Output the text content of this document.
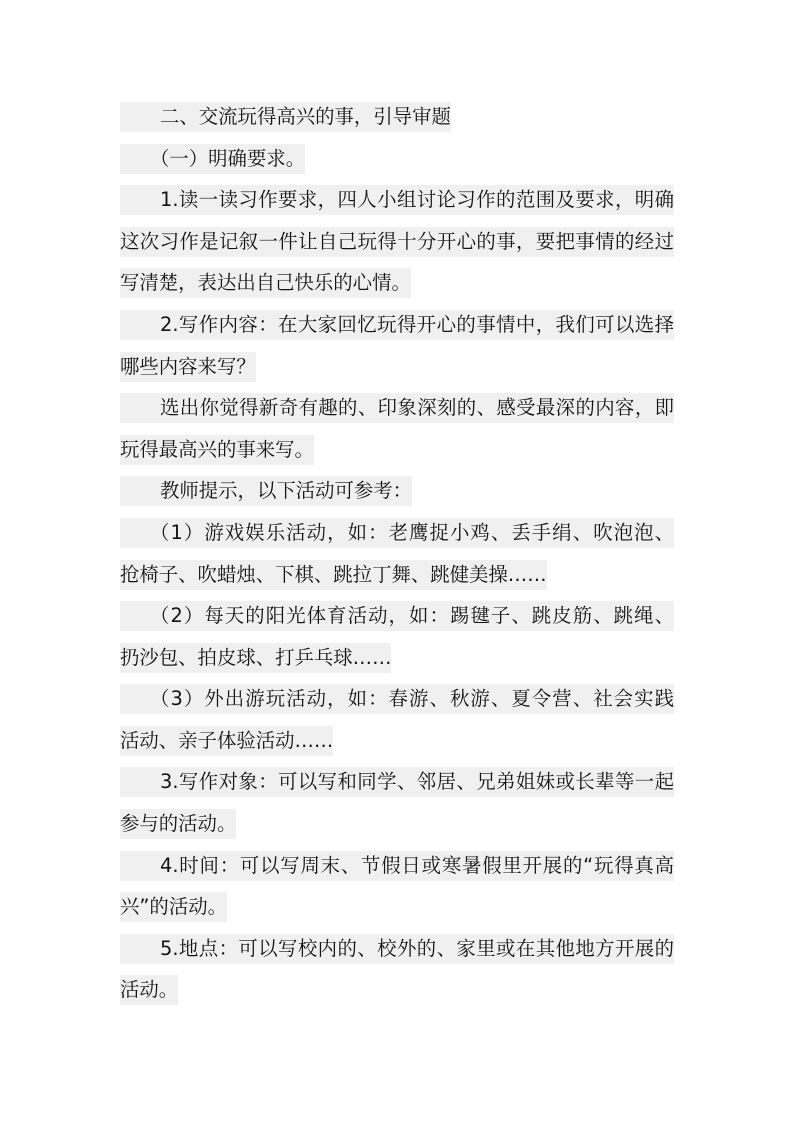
二、交流玩得高兴的事，引导审题
（一）明确要求。
1.读一读习作要求，四人小组讨论习作的范围及要求，明确
这次习作是记叙一件让自己玩得十分开心的事，要把事情的经过
写清楚，表达出自己快乐的心情。
2.写作内容：在大家回忆玩得开心的事情中，我们可以选择
哪些内容来写？
选出你觉得新奇有趣的、印象深刻的、感受最深的内容，即
玩得最高兴的事来写。
教师提示，以下活动可参考：
（1）游戏娱乐活动，如：老鹰捉小鸡、丢手绢、吹泡泡、
抢椅子、吹蜡烛、下棋、跳拉丁舞、跳健美操……
（2）每天的阳光体育活动，如：踢毽子、跳皮筋、跳绳、
扔沙包、拍皮球、打乒乓球……
（3）外出游玩活动，如：春游、秋游、夏令营、社会实践
活动、亲子体验活动……
3.写作对象：可以写和同学、邻居、兄弟姐妹或长辈等一起
参与的活动。
4.时间：可以写周末、节假日或寒暑假里开展的“玩得真高
兴”的活动。
5.地点：可以写校内的、校外的、家里或在其他地方开展的
活动。
